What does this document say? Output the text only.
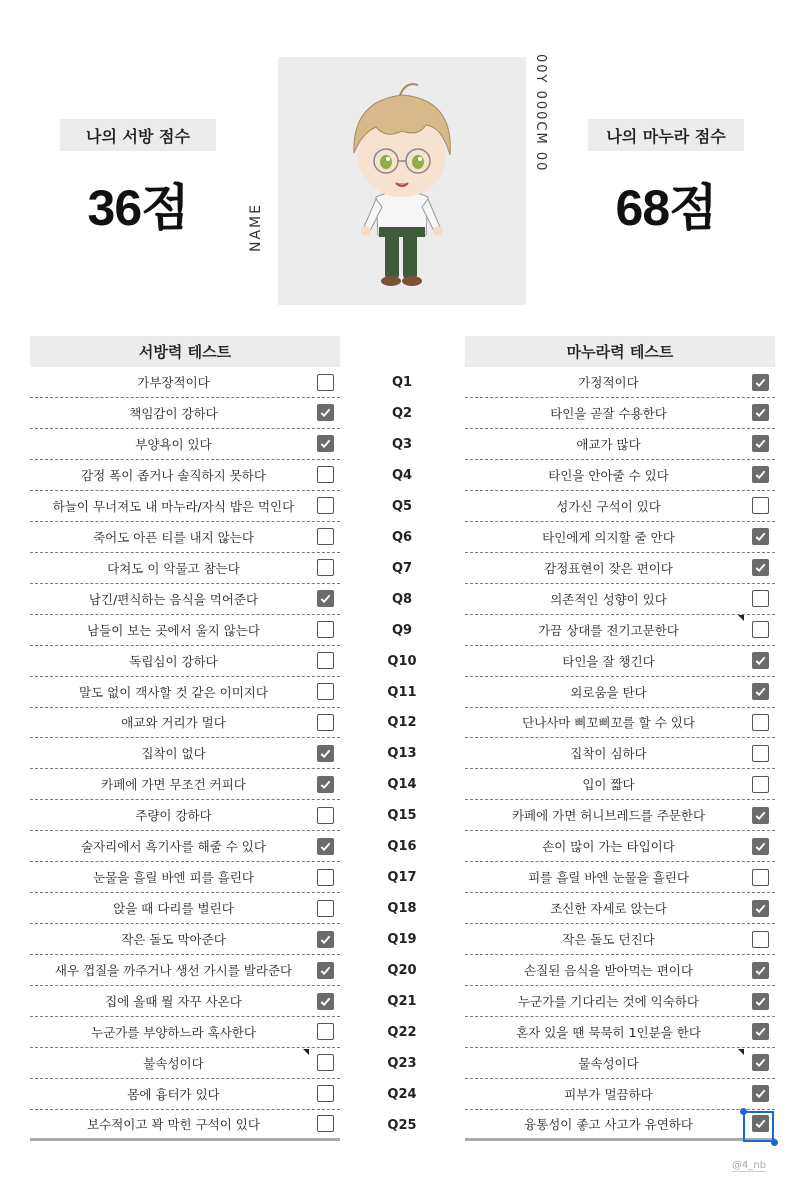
나의 서방 점수
36점
나의 마누라 점수
68점
NAME
00Y 000CM 00
서방력 테스트	마누라력 테스트
가부장적이다
책임감이 강하다
부양욕이 있다
감정 폭이 좁거나 솔직하지 못하다
하늘이 무너져도 내 마누라/자식 밥은 먹인다
죽어도 아픈 티를 내지 않는다
다쳐도 이 악물고 참는다
남긴/편식하는 음식을 먹어준다
남들이 보는 곳에서 울지 않는다
독립심이 강하다
말도 없이 객사할 것 같은 이미지다
애교와 거리가 멀다
집착이 없다
카페에 가면 무조건 커피다
주량이 강하다
술자리에서 흑기사를 해줄 수 있다
눈물을 흘릴 바엔 피를 흘린다
앉을 때 다리를 벌린다
작은 돌도 막아준다
새우 껍질을 까주거나 생선 가시를 발라준다
집에 올때 뭘 자꾸 사온다
누군가를 부양하느라 혹사한다
불속성이다
몸에 흉터가 있다
보수적이고 꽉 막힌 구석이 있다
가정적이다
타인을 곧잘 수용한다
애교가 많다
타인을 안아줄 수 있다
성가신 구석이 있다
타인에게 의지할 줄 안다
감정표현이 잦은 편이다
의존적인 성향이 있다
가끔 상대를 전기고문한다
타인을 잘 챙긴다
외로움을 탄다
단나사마 삐꼬삐꼬를 할 수 있다
집착이 심하다
입이 짧다
카페에 가면 허니브레드를 주문한다
손이 많이 가는 타입이다
피를 흘릴 바엔 눈물을 흘린다
조신한 자세로 앉는다
작은 돌도 던진다
손질된 음식을 받아먹는 편이다
누군가를 기다리는 것에 익숙하다
혼자 있을 땐 묵묵히 1인분을 한다
물속성이다
피부가 멀끔하다
융통성이 좋고 사고가 유연하다
Q1
Q2
Q3
Q4
Q5
Q6
Q7
Q8
Q9
Q10
Q11
Q12
Q13
Q14
Q15
Q16
Q17
Q18
Q19
Q20
Q21
Q22
Q23
Q24
Q25
@4_nb
